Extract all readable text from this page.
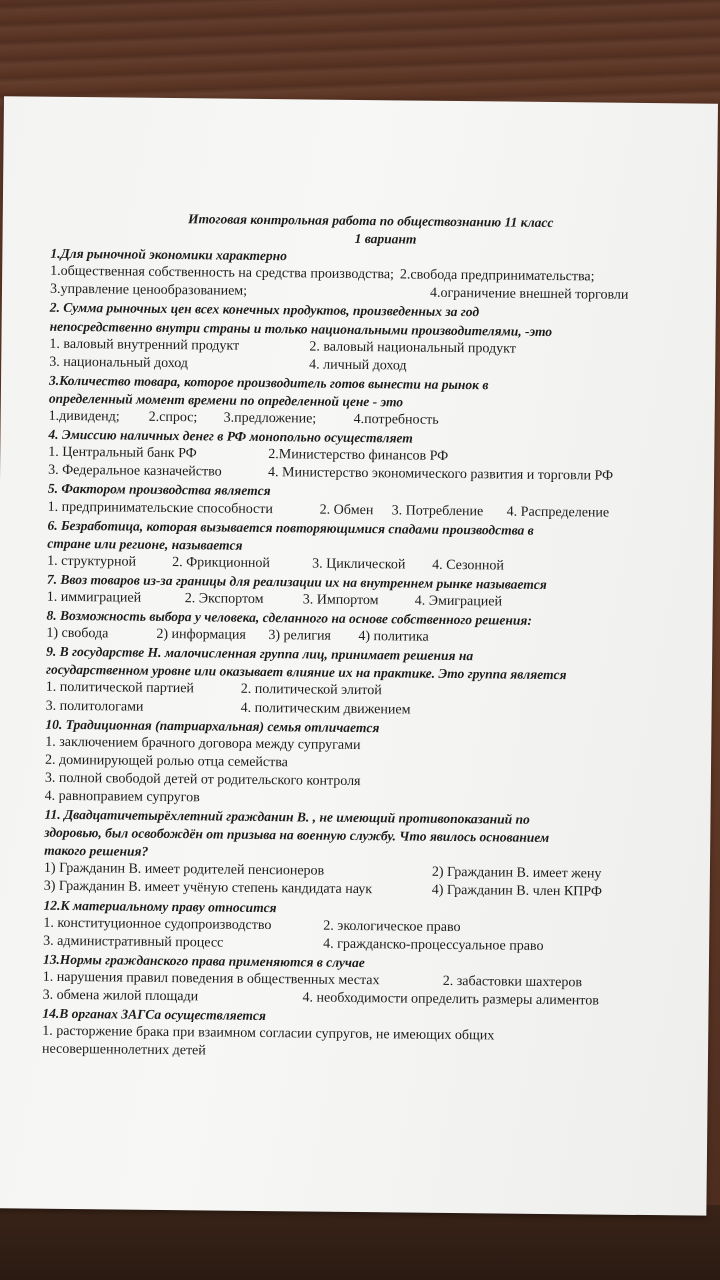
Итоговая контрольная работа по обществознанию 11 класс
1 вариант
1.Для рыночной экономики характерно
1.общественная собственность на средства производства; 2.свобода предпринимательства;
3.управление ценообразованием;	4.ограничение внешней торговли
2. Сумма рыночных цен всех конечных продуктов, произведенных за год
непосредственно внутри страны и только национальными производителями, -это
1. валовый внутренний продукт	2. валовый национальный продукт
3. национальный доход	4. личный доход
3.Количество товара, которое производитель готов вынести на рынок в
определенный момент времени по определенной цене - это
1.дивиденд;	2.спрос;	3.предложение;	4.потребность
4. Эмиссию наличных денег в РФ монопольно осуществляет
1. Центральный банк РФ	2.Министерство финансов РФ
3. Федеральное казначейство	4. Министерство экономического развития и торговли РФ
5. Фактором производства является
1. предпринимательские способности	2. Обмен	3. Потребление	4. Распределение
6. Безработица, которая вызывается повторяющимися спадами производства в
стране или регионе, называется
1. структурной	2. Фрикционной	3. Циклической	4. Сезонной
7. Ввоз товаров из-за границы для реализации их на внутреннем рынке называется
1. иммиграцией	2. Экспортом	3. Импортом	4. Эмиграцией
8. Возможность выбора у человека, сделанного на основе собственного решения:
1) свобода	2) информация	3) религия	4) политика
9. В государстве Н. малочисленная группа лиц, принимает решения на
государственном уровне или оказывает влияние их на практике. Это группа является
1. политической партией	2. политической элитой
3. политологами	4. политическим движением
10. Традиционная (патриархальная) семья отличается
1. заключением брачного договора между супругами
2. доминирующей ролью отца семейства
3. полной свободой детей от родительского контроля
4. равноправием супругов
11. Двадцатичетырёхлетний гражданин В. , не имеющий противопоказаний по
здоровью, был освобождён от призыва на военную службу. Что явилось основанием
такого решения?
1) Гражданин В. имеет родителей пенсионеров	2) Гражданин В. имеет жену
3) Гражданин В. имеет учёную степень кандидата наук	4) Гражданин В. член КПРФ
12.К материальному праву относится
1. конституционное судопроизводство	2. экологическое право
3. административный процесс	4. гражданско-процессуальное право
13.Нормы гражданского права применяются в случае
1. нарушения правил поведения в общественных местах	2. забастовки шахтеров
3. обмена жилой площади	4. необходимости определить размеры алиментов
14.В органах ЗАГСа осуществляется
1. расторжение брака при взаимном согласии супругов, не имеющих общих
несовершеннолетних детей
